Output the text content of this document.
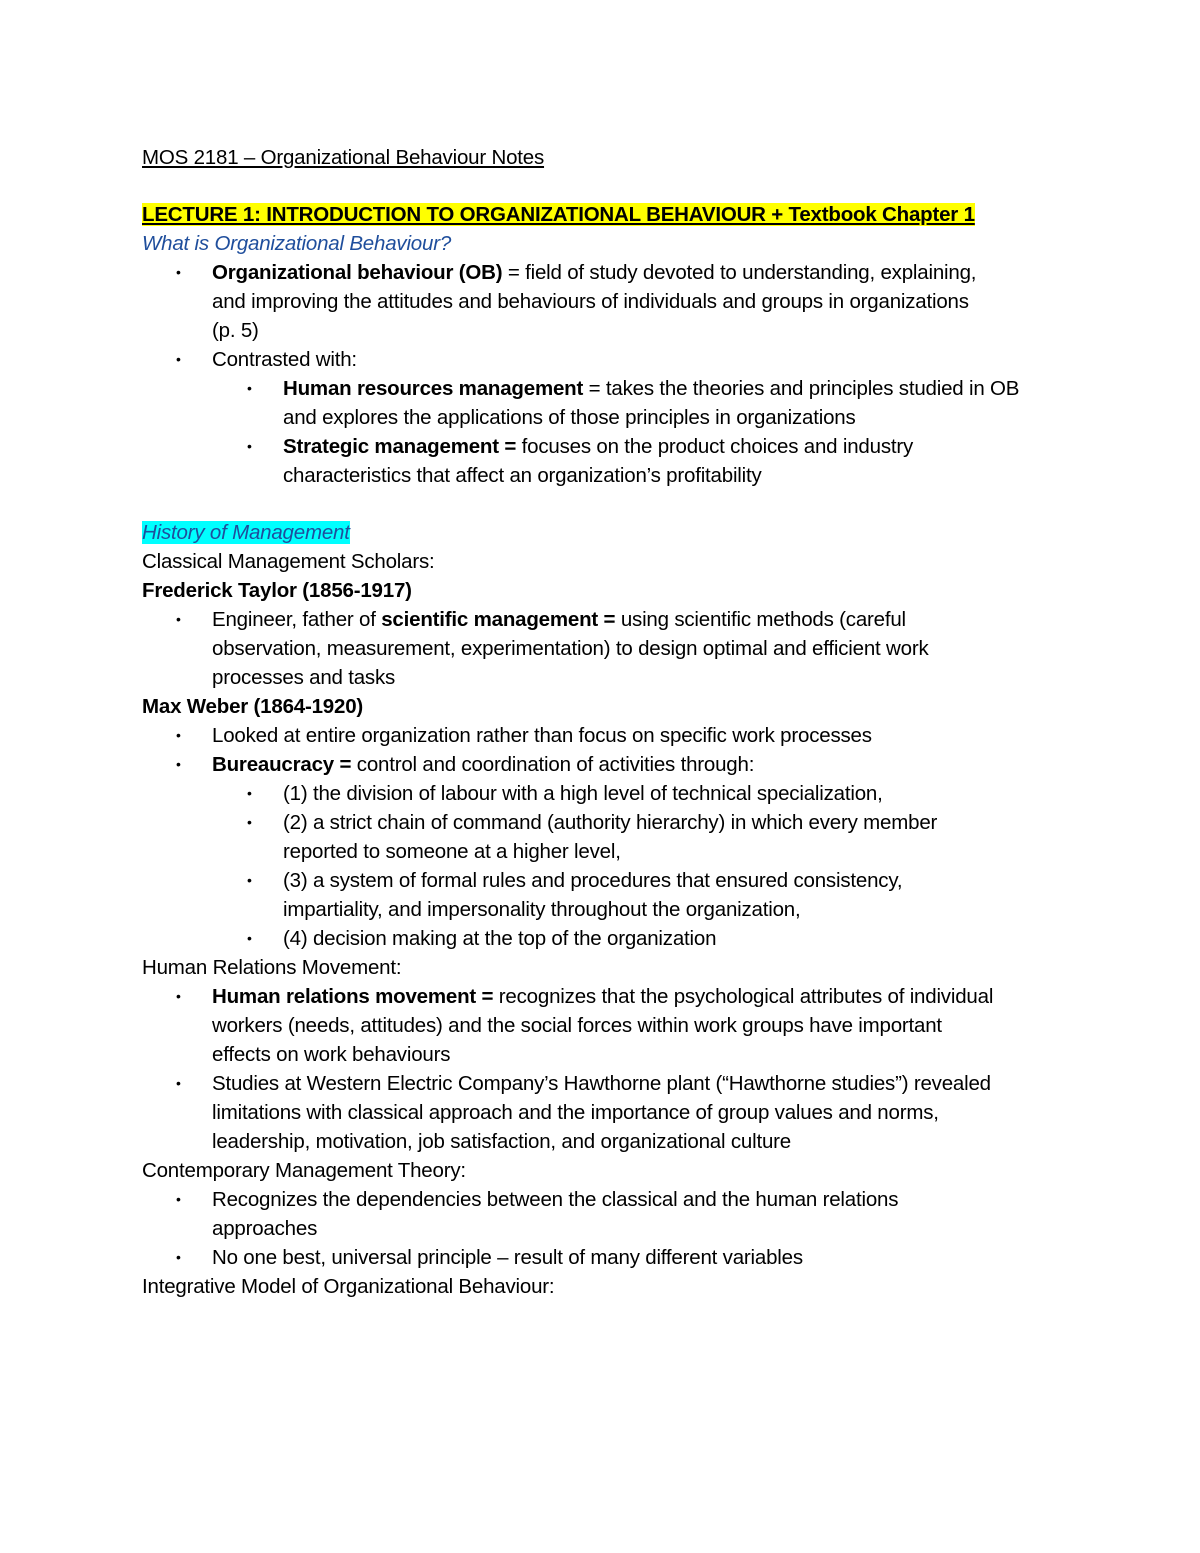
MOS 2181 – Organizational Behaviour Notes
LECTURE 1: INTRODUCTION TO ORGANIZATIONAL BEHAVIOUR + Textbook Chapter 1
What is Organizational Behaviour?
• Organizational behaviour (OB) = field of study devoted to understanding, explaining,
and improving the attitudes and behaviours of individuals and groups in organizations
(p. 5)
• Contrasted with:
• Human resources management = takes the theories and principles studied in OB
and explores the applications of those principles in organizations
• Strategic management = focuses on the product choices and industry
characteristics that affect an organization’s profitability
History of Management
Classical Management Scholars:
Frederick Taylor (1856-1917)
• Engineer, father of scientific management = using scientific methods (careful
observation, measurement, experimentation) to design optimal and efficient work
processes and tasks
Max Weber (1864-1920)
• Looked at entire organization rather than focus on specific work processes
• Bureaucracy = control and coordination of activities through:
• (1) the division of labour with a high level of technical specialization,
• (2) a strict chain of command (authority hierarchy) in which every member
reported to someone at a higher level,
• (3) a system of formal rules and procedures that ensured consistency,
impartiality, and impersonality throughout the organization,
• (4) decision making at the top of the organization
Human Relations Movement:
• Human relations movement = recognizes that the psychological attributes of individual
workers (needs, attitudes) and the social forces within work groups have important
effects on work behaviours
• Studies at Western Electric Company’s Hawthorne plant (“Hawthorne studies”) revealed
limitations with classical approach and the importance of group values and norms,
leadership, motivation, job satisfaction, and organizational culture
Contemporary Management Theory:
• Recognizes the dependencies between the classical and the human relations
approaches
• No one best, universal principle – result of many different variables
Integrative Model of Organizational Behaviour:
